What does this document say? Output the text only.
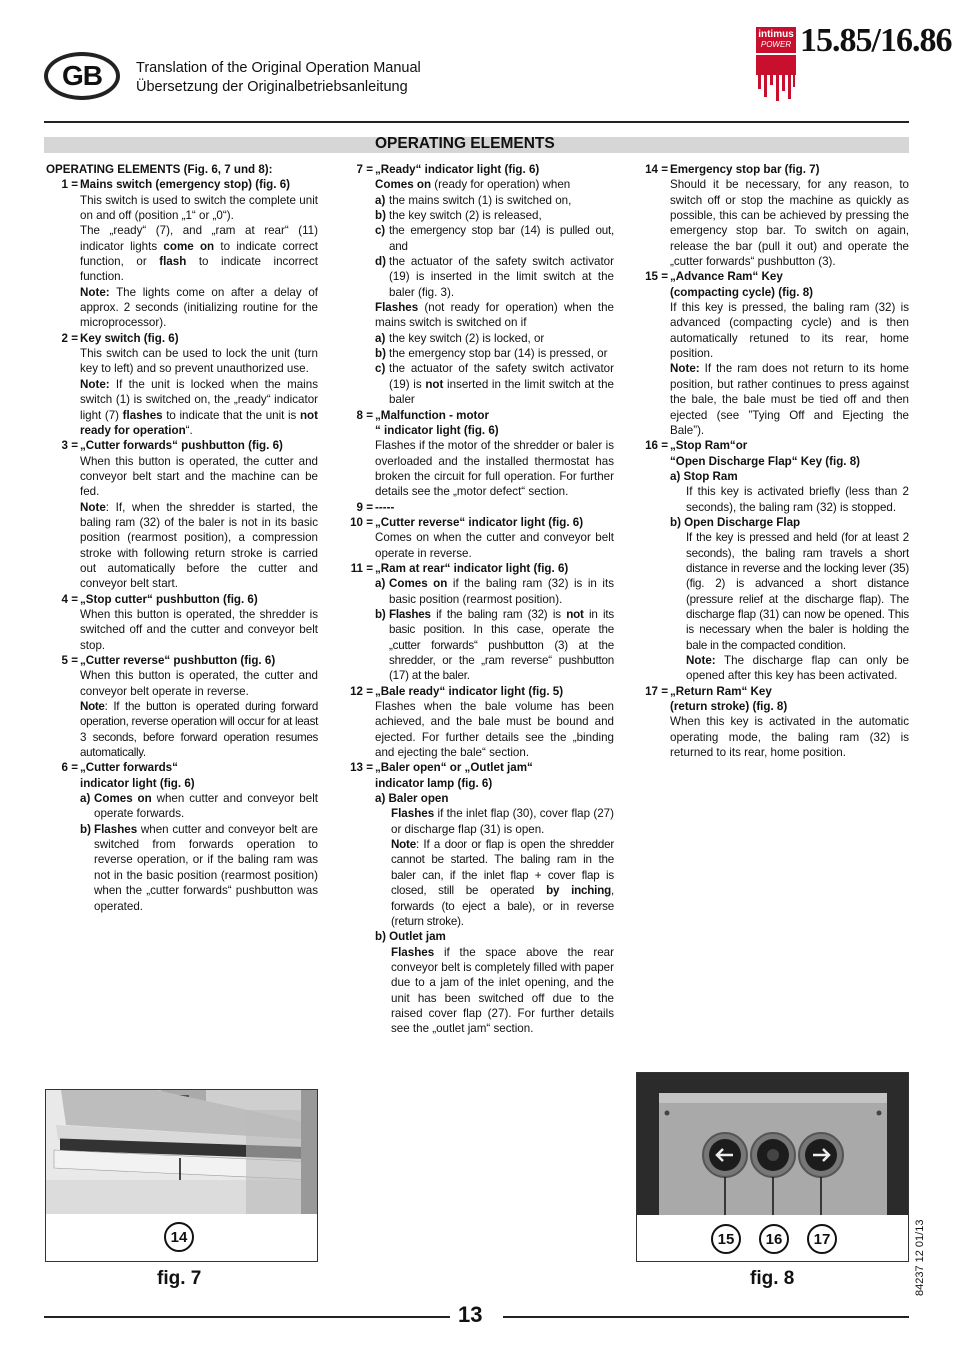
GB Translation of the Original Operation Manual
Übersetzung der Originalbetriebsanleitung
intimus
POWER 15.85/16.86
OPERATING ELEMENTS
OPERATING ELEMENTS (Fig. 6, 7 und 8):
1 = Mains switch (emergency stop) (fig. 6)
This switch is used to switch the complete unit on and off (position „1“ or „0“).
The „ready“ (7), and „ram at rear“ (11) indicator lights come on to indicate correct function, or flash to indicate incorrect function.
Note: The lights come on after a delay of approx. 2 seconds (initializing routine for the microprocessor).
2 = Key switch (fig. 6)
This switch can be used to lock the unit (turn key to left) and so prevent unauthorized use.
Note: If the unit is locked when the mains switch (1) is switched on, the „ready“ indicator light (7) flashes to indicate that the unit is not ready for operation“.
3 = „Cutter forwards“ pushbutton (fig. 6)
When this button is operated, the cutter and conveyor belt start and the machine can be fed.
Note: If, when the shredder is started, the baling ram (32) of the baler is not in its basic position (rearmost position), a compression stroke with following return stroke is carried out automatically before the cutter and conveyor belt start.
4 = „Stop cutter“ pushbutton (fig. 6)
When this button is operated, the shredder is switched off and the cutter and conveyor belt stop.
5 = „Cutter reverse“ pushbutton (fig. 6)
When this button is operated, the cutter and conveyor belt operate in reverse.
Note: If the button is operated during forward operation, reverse operation will occur for at least 3 seconds, before forward operation resumes automatically.
6 = „Cutter forwards“
indicator light (fig. 6)
a) Comes on when cutter and conveyor belt operate forwards.
b) Flashes when cutter and conveyor belt are switched from forwards operation to reverse operation, or if the baling ram was not in the basic position (rearmost position) when the „cutter forwards“ pushbutton was operated.
7 = „Ready“ indicator light (fig. 6)
Comes on (ready for operation) when
a) the mains switch (1) is switched on,
b) the key switch (2) is released,
c) the emergency stop bar (14) is pulled out, and
d) the actuator of the safety switch activator (19) is inserted in the limit switch at the baler (fig. 3).
Flashes (not ready for operation) when the mains switch is switched on if
a) the key switch (2) is locked, or
b) the emergency stop bar (14) is pressed, or
c) the actuator of the safety switch activator (19) is not inserted in the limit switch at the baler
8 = „Malfunction - motor
“ indicator light (fig. 6)
Flashes if the motor of the shredder or baler is overloaded and the installed thermostat has broken the circuit for full operation. For further details see the „motor defect“ section.
9 = -----
10 = „Cutter reverse“ indicator light (fig. 6)
Comes on when the cutter and conveyor belt operate in reverse.
11 = „Ram at rear“ indicator light (fig. 6)
a) Comes on if the baling ram (32) is in its basic position (rearmost position).
b) Flashes if the baling ram (32) is not in its basic position. In this case, operate the „cutter forwards“ pushbutton (3) at the shredder, or the „ram reverse“ pushbutton (17) at the baler.
12 = „Bale ready“ indicator light (fig. 5)
Flashes when the bale volume has been achieved, and the bale must be bound and ejected. For further details see the „binding and ejecting the bale“ section.
13 = „Baler open“ or „Outlet jam“
indicator lamp (fig. 6)
a) Baler open
Flashes if the inlet flap (30), cover flap (27) or discharge flap (31) is open.
Note: If a door or flap is open the shredder cannot be started. The baling ram in the baler can, if the inlet flap + cover flap is closed, still be operated by inching, forwards (to eject a bale), or in reverse (return stroke).
b) Outlet jam
Flashes if the space above the rear conveyor belt is completely filled with paper due to a jam of the inlet opening, and the unit has been switched off due to the raised cover flap (27). For further details see the „outlet jam“ section.
14 = Emergency stop bar (fig. 7)
Should it be necessary, for any reason, to switch off or stop the machine as quickly as possible, this can be achieved by pressing the emergency stop bar. To switch on again, release the bar (pull it out) and operate the „cutter forwards“ pushbutton (3).
15 = „Advance Ram“ Key
(compacting cycle) (fig. 8)
If this key is pressed, the baling ram (32) is advanced (compacting cycle) and is then automatically retuned to its rear, home position.
Note: If the ram does not return to its home position, but rather continues to press against the bale, the bale must be tied off and then ejected (see ”Tying Off and Ejecting the Bale”).
16 = „Stop Ram“or
“Open Discharge Flap“ Key (fig. 8)
a) Stop Ram
If this key is activated briefly (less than 2 seconds), the baling ram (32) is stopped.
b) Open Discharge Flap
If the key is pressed and held (for at least 2 seconds), the baling ram travels a short distance in reverse and the locking lever (35) (fig. 2) is advanced a short distance (pressure relief at the discharge flap). The discharge flap (31) can now be opened. This is necessary when the baler is holding the bale in the compacted condition.
Note: The discharge flap can only be opened after this key has been activated.
17 = „Return Ram“ Key
(return stroke) (fig. 8)
When this key is activated in the automatic operating mode, the baling ram (32) is returned to its rear, home position.
14
fig. 7
15 16 17
fig. 8	84237 12 01/13
13
